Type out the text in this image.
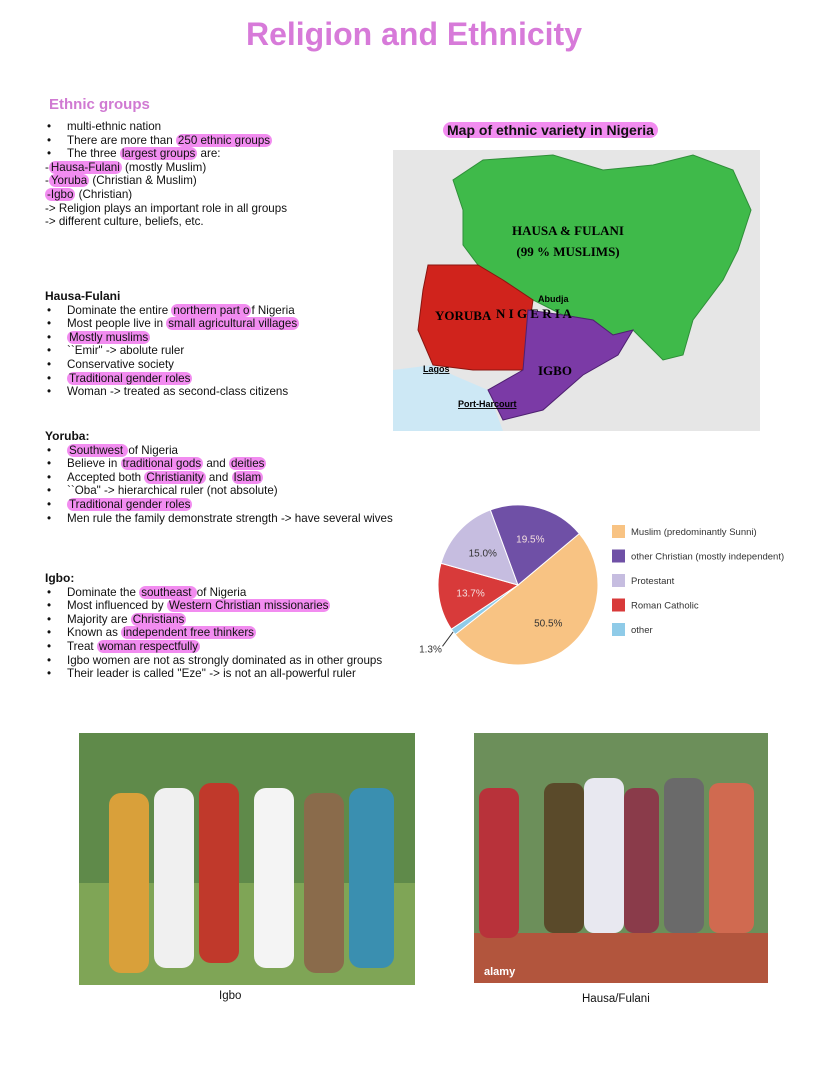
Religion and Ethnicity
Ethnic groups
• multi-ethnic nation
• There are more than 250 ethnic groups
• The three largest groups are:
- Hausa-Fulani (mostly Muslim)
- Yoruba (Christian & Muslim)
-Igbo (Christian)
-> Religion plays an important role in all groups
-> different culture, beliefs, etc.
Hausa-Fulani
• Dominate the entire northern part o f Nigeria
• Most people live in small agricultural villages
• Mostly muslims
• ``Emir" -> abolute ruler
• Conservative society
• Traditional gender roles
• Woman -> treated as second-class citizens
Yoruba:
• Southwest of Nigeria
• Believe in traditional gods and deities
• Accepted both Christianity and Islam
• ``Oba" -> hierarchical ruler (not absolute)
• Traditional gender roles
• Men rule the family demonstrate strength -> have several wives
Igbo:
• Dominate the southeast of Nigeria
• Most influenced by Western Christian missionaries
• Majority are Christians
• Known as independent free thinkers
• Treat woman respectfully
• Igbo women are not as strongly dominated as in other groups
• Their leader is called ''Eze'' -> is not an all-powerful ruler
Map of ethnic variety in Nigeria
HAUSA & FULANI
(99 % MUSLIMS)
YORUBA N I G E R I A
IGBO
Abudja
Lagos
Port-Harcourt
50.5%
1.3%
13.7%
15.0%
19.5%
Muslim (predominantly Sunni)
other Christian (mostly independent)
Protestant
Roman Catholic
other
Igbo
alamy
Hausa/Fulani
